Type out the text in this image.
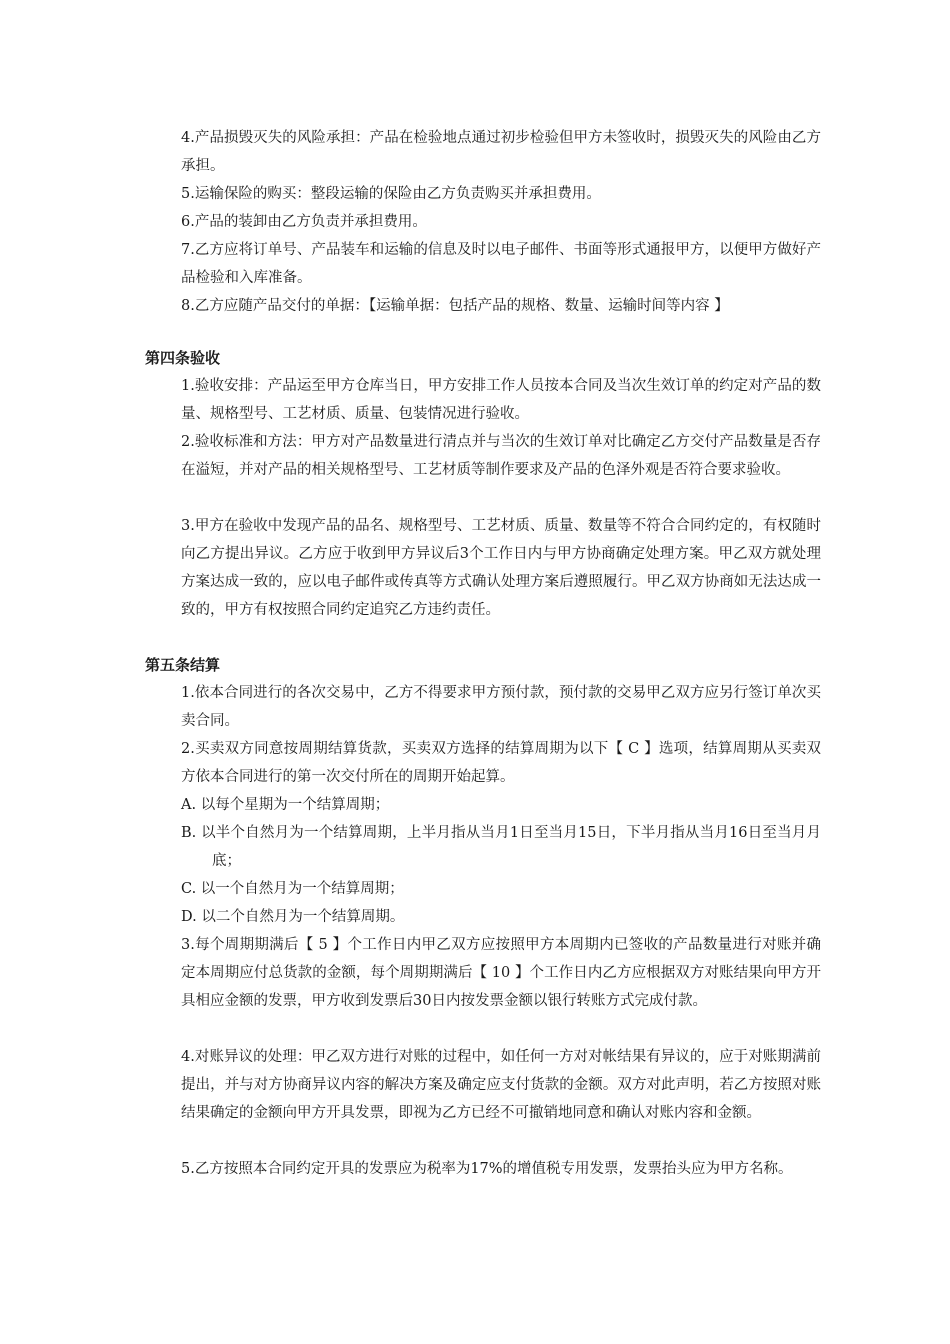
4.产品损毁灭失的风险承担：产品在检验地点通过初步检验但甲方未签收时，损毁灭失的风险由乙方承担。

5.运输保险的购买：整段运输的保险由乙方负责购买并承担费用。

6.产品的装卸由乙方负责并承担费用。

7.乙方应将订单号、产品装车和运输的信息及时以电子邮件、书面等形式通报甲方，以便甲方做好产品检验和入库准备。

8.乙方应随产品交付的单据：【运输单据：包括产品的规格、数量、运输时间等内容 】

第四条验收

1.验收安排：产品运至甲方仓库当日，甲方安排工作人员按本合同及当次生效订单的约定对产品的数量、规格型号、工艺材质、质量、包装情况进行验收。

2.验收标准和方法：甲方对产品数量进行清点并与当次的生效订单对比确定乙方交付产品数量是否存在溢短，并对产品的相关规格型号、工艺材质等制作要求及产品的色泽外观是否符合要求验收。

3.甲方在验收中发现产品的品名、规格型号、工艺材质、质量、数量等不符合合同约定的，有权随时向乙方提出异议。乙方应于收到甲方异议后3个工作日内与甲方协商确定处理方案。甲乙双方就处理方案达成一致的，应以电子邮件或传真等方式确认处理方案后遵照履行。甲乙双方协商如无法达成一致的，甲方有权按照合同约定追究乙方违约责任。

第五条结算

1.依本合同进行的各次交易中，乙方不得要求甲方预付款，预付款的交易甲乙双方应另行签订单次买卖合同。

2.买卖双方同意按周期结算货款，买卖双方选择的结算周期为以下【 C 】选项，结算周期从买卖双方依本合同进行的第一次交付所在的周期开始起算。

A. 以每个星期为一个结算周期；

B. 以半个自然月为一个结算周期，上半月指从当月1日至当月15日，下半月指从当月16日至当月月底；

C. 以一个自然月为一个结算周期；

D. 以二个自然月为一个结算周期。

3.每个周期期满后【 5 】个工作日内甲乙双方应按照甲方本周期内已签收的产品数量进行对账并确定本周期应付总货款的金额，每个周期期满后【 10 】个工作日内乙方应根据双方对账结果向甲方开具相应金额的发票，甲方收到发票后30日内按发票金额以银行转账方式完成付款。

4.对账异议的处理：甲乙双方进行对账的过程中，如任何一方对对帐结果有异议的，应于对账期满前提出，并与对方协商异议内容的解决方案及确定应支付货款的金额。双方对此声明，若乙方按照对账结果确定的金额向甲方开具发票，即视为乙方已经不可撤销地同意和确认对账内容和金额。

5.乙方按照本合同约定开具的发票应为税率为17%的增值税专用发票，发票抬头应为甲方名称。
